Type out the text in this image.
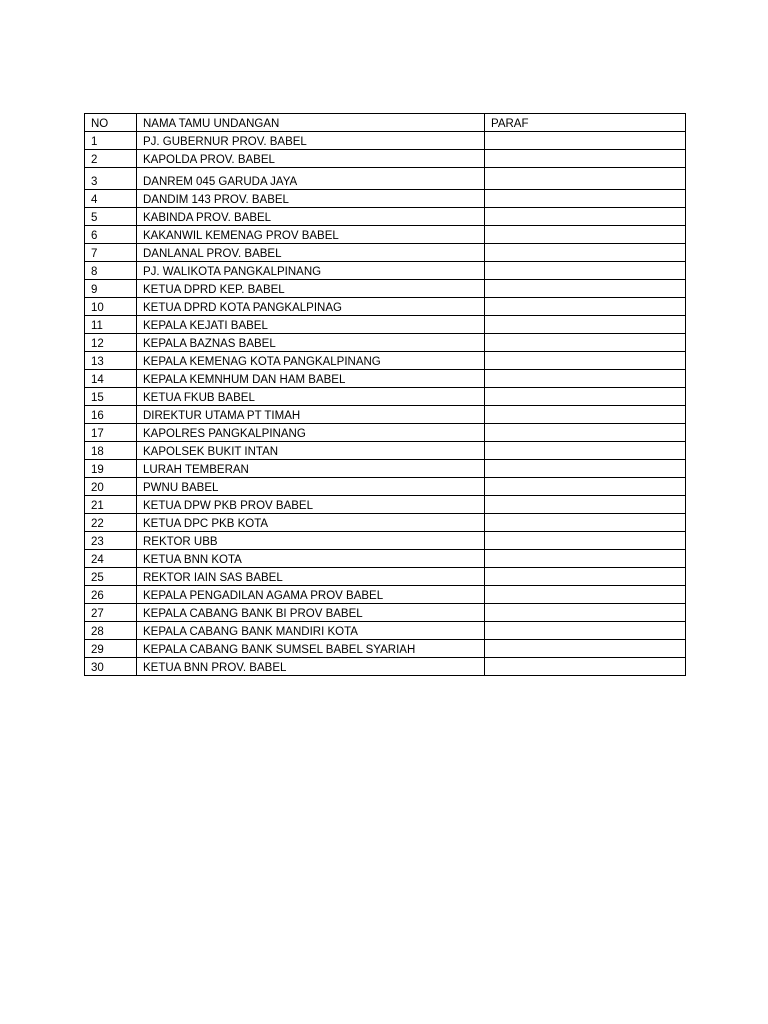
NO	NAMA TAMU UNDANGAN	PARAF
1	PJ. GUBERNUR PROV. BABEL	
2	KAPOLDA PROV. BABEL	
3	DANREM 045 GARUDA JAYA	
4	DANDIM 143 PROV. BABEL	
5	KABINDA PROV. BABEL	
6	KAKANWIL KEMENAG PROV BABEL	
7	DANLANAL PROV. BABEL	
8	PJ. WALIKOTA PANGKALPINANG	
9	KETUA DPRD KEP. BABEL	
10	KETUA DPRD KOTA PANGKALPINAG	
11	KEPALA KEJATI BABEL	
12	KEPALA BAZNAS BABEL	
13	KEPALA KEMENAG KOTA PANGKALPINANG	
14	KEPALA KEMNHUM DAN HAM BABEL	
15	KETUA FKUB BABEL	
16	DIREKTUR UTAMA PT TIMAH	
17	KAPOLRES PANGKALPINANG	
18	KAPOLSEK BUKIT INTAN	
19	LURAH TEMBERAN	
20	PWNU BABEL	
21	KETUA DPW PKB PROV BABEL	
22	KETUA DPC PKB KOTA	
23	REKTOR UBB	
24	KETUA BNN KOTA	
25	REKTOR IAIN SAS BABEL	
26	KEPALA PENGADILAN AGAMA PROV BABEL	
27	KEPALA CABANG BANK BI PROV BABEL	
28	KEPALA CABANG BANK MANDIRI KOTA	
29	KEPALA CABANG BANK SUMSEL BABEL SYARIAH	
30	KETUA BNN PROV. BABEL	
